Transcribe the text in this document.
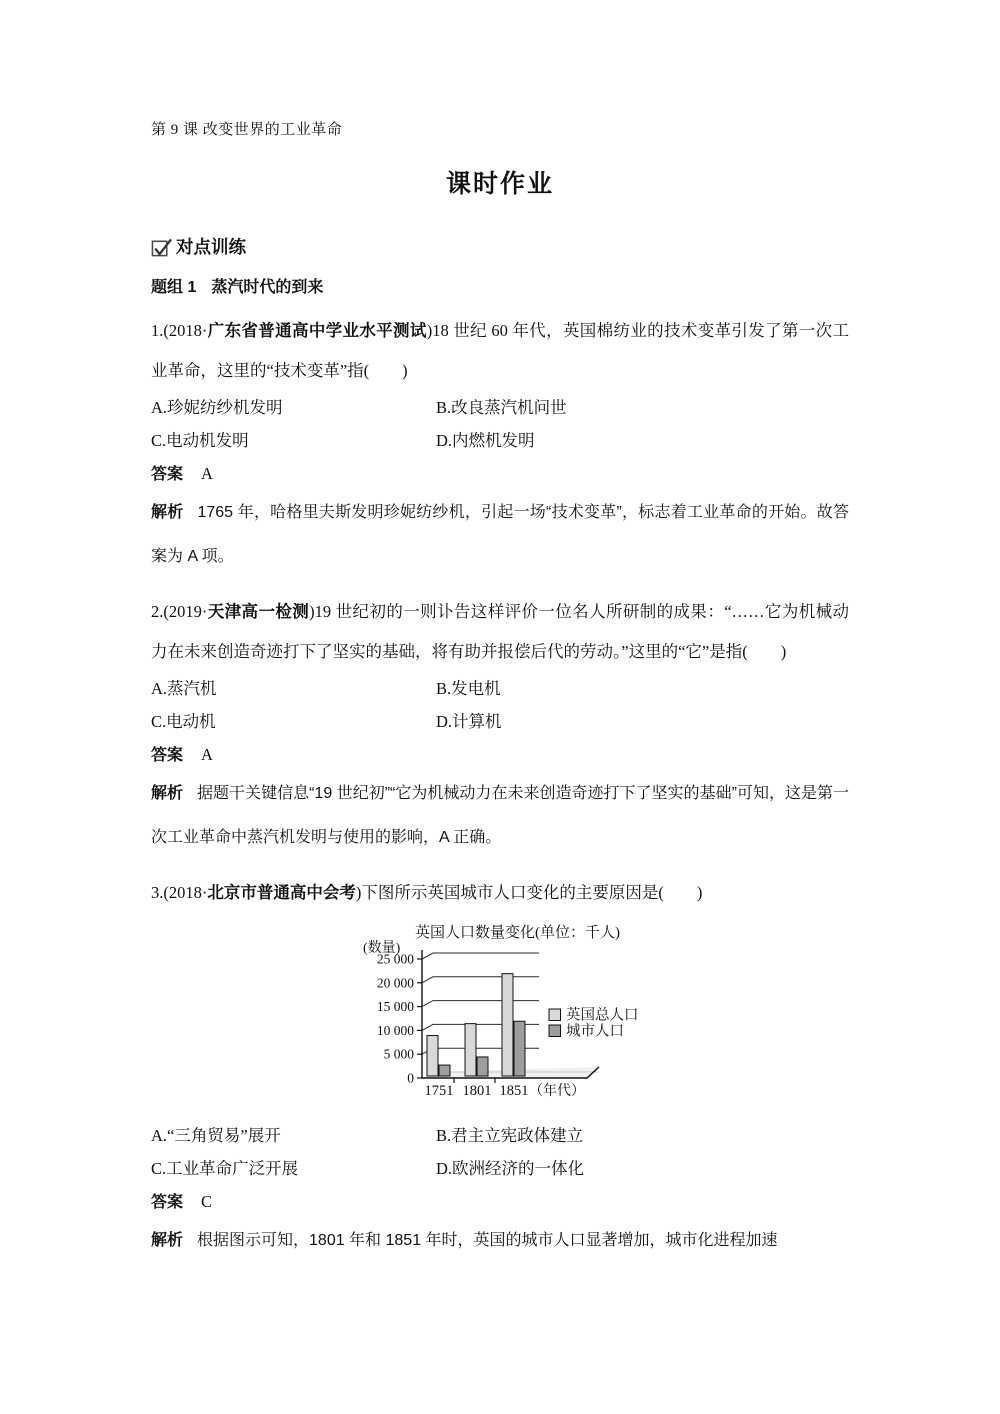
第 9 课 改变世界的工业革命
课时作业
对点训练
题组 1 蒸汽时代的到来

1.(2018·广东省普通高中学业水平测试)18 世纪 60 年代，英国棉纺业的技术变革引发了第一次工业革命，这里的“技术变革”指(　　)

A.珍妮纺纱机发明	B.改良蒸汽机问世
C.电动机发明	D.内燃机发明

答案 A

解析 1765 年，哈格里夫斯发明珍妮纺纱机，引起一场“技术变革”，标志着工业革命的开始。故答案为 A 项。

2.(2019·天津高一检测)19 世纪初的一则讣告这样评价一位名人所研制的成果：“……它为机械动力在未来创造奇迹打下了坚实的基础，将有助并报偿后代的劳动。”这里的“它”是指(　　)

A.蒸汽机	B.发电机
C.电动机	D.计算机

答案 A

解析 据题干关键信息“19 世纪初”“它为机械动力在未来创造奇迹打下了坚实的基础”可知，这是第一次工业革命中蒸汽机发明与使用的影响，A 正确。

3.(2018·北京市普通高中会考)下图所示英国城市人口变化的主要原因是(　　)

英国人口数量变化(单位：千人)
(数量)
0
5 000
10 000
15 000
20 000
25 000
1751 1801 1851 （年代）
英国总人口
城市人口
A.“三角贸易”展开	B.君主立宪政体建立
C.工业革命广泛开展	D.欧洲经济的一体化

答案 C

解析 根据图示可知，1801 年和 1851 年时，英国的城市人口显著增加，城市化进程加速
